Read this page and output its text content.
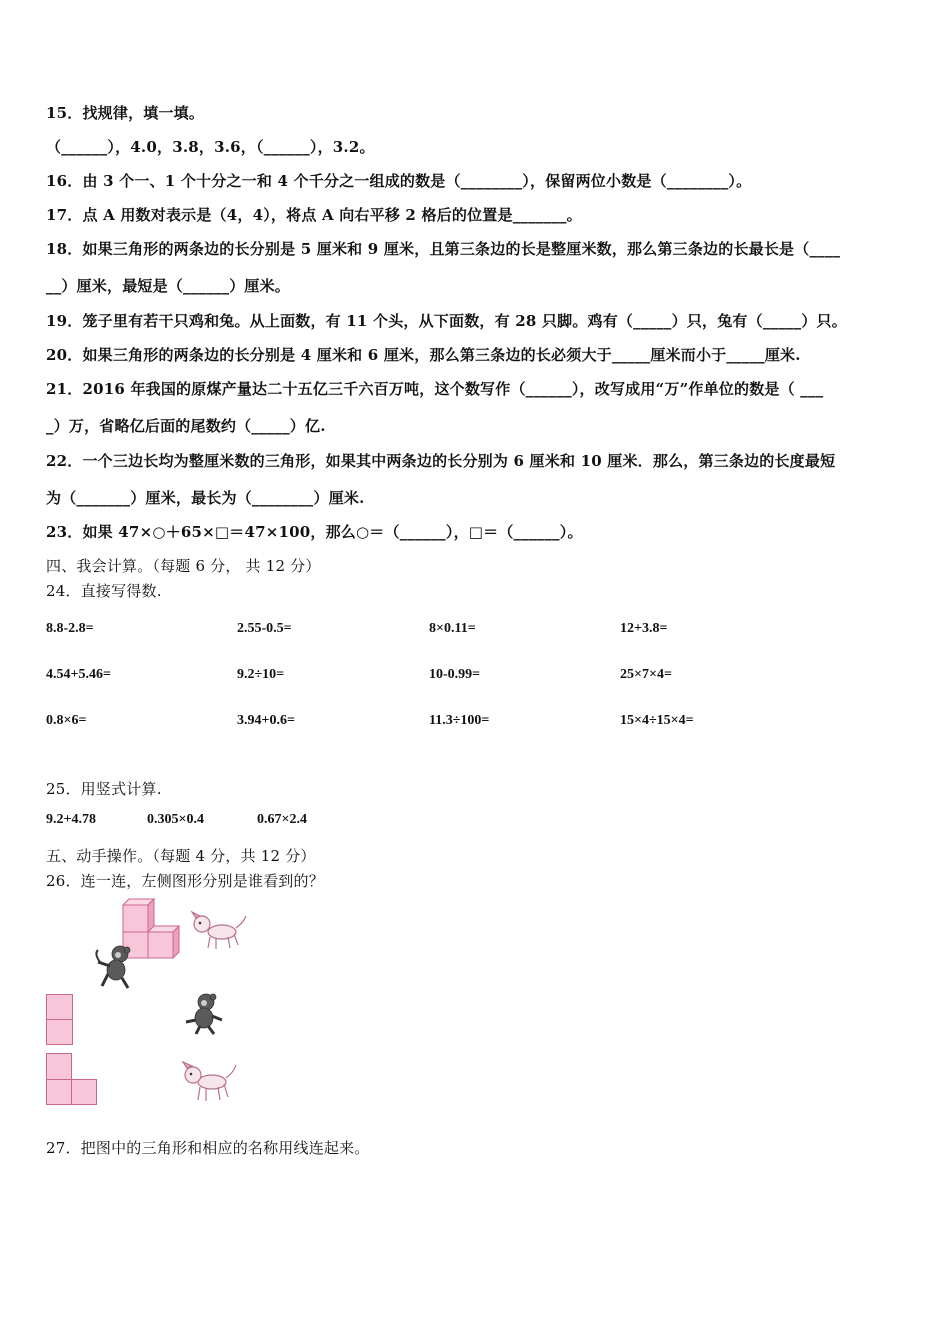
15．找规律，填一填。
（______），4.0，3.8，3.6，（______），3.2。
16．由 3 个一、1 个十分之一和 4 个千分之一组成的数是（________），保留两位小数是（________）。
17．点 A 用数对表示是（4，4），将点 A 向右平移 2 格后的位置是_______。
18．如果三角形的两条边的长分别是 5 厘米和 9 厘米，且第三条边的长是整厘米数，那么第三条边的长最长是（____
__）厘米，最短是（______）厘米。
19．笼子里有若干只鸡和兔。从上面数，有 11 个头，从下面数，有 28 只脚。鸡有（_____）只，兔有（_____）只。
20．如果三角形的两条边的长分别是 4 厘米和 6 厘米，那么第三条边的长必须大于_____厘米而小于_____厘米.
21．2016 年我国的原煤产量达二十五亿三千六百万吨，这个数写作（______），改写成用“万”作单位的数是（ ___
_）万，省略亿后面的尾数约（_____）亿.
22．一个三边长均为整厘米数的三角形，如果其中两条边的长分别为 6 厘米和 10 厘米．那么，第三条边的长度最短
为（_______）厘米，最长为（________）厘米.
23．如果 47×○＋65×□＝47×100，那么○＝（______），□＝（______）。
四、我会计算。（每题 6 分， 共 12 分）
24．直接写得数.
8.8-2.8=	2.55-0.5=	8×0.11=	12+3.8=
4.54+5.46=	9.2÷10=	10-0.99=	25×7×4=
0.8×6=	3.94+0.6=	11.3÷100=	15×4÷15×4=
25．用竖式计算.
9.2+4.78	0.305×0.4	0.67×2.4
五、动手操作。（每题 4 分，共 12 分）
26．连一连，左侧图形分别是谁看到的？
27．把图中的三角形和相应的名称用线连起来。
